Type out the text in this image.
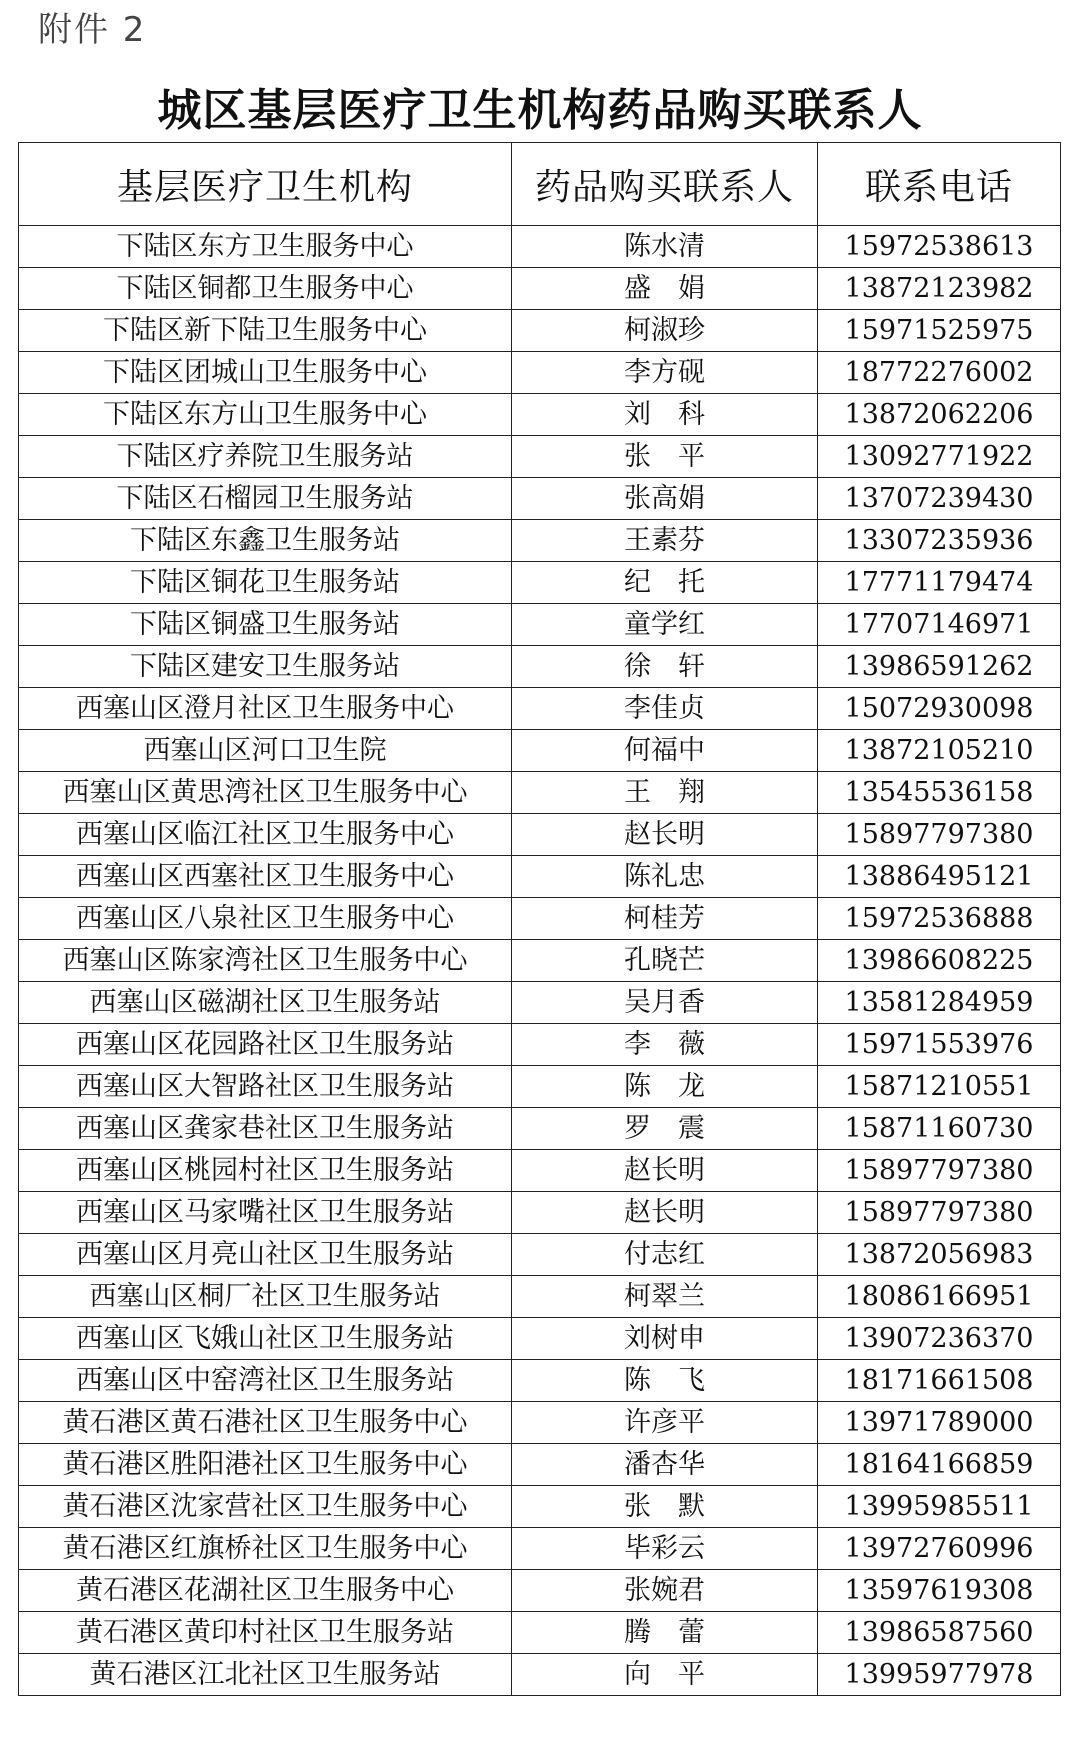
附件 2
城区基层医疗卫生机构药品购买联系人
基层医疗卫生机构	药品购买联系人	联系电话
下陆区东方卫生服务中心	陈水清	15972538613
下陆区铜都卫生服务中心	盛　娟	13872123982
下陆区新下陆卫生服务中心	柯淑珍	15971525975
下陆区团城山卫生服务中心	李方砚	18772276002
下陆区东方山卫生服务中心	刘　科	13872062206
下陆区疗养院卫生服务站	张　平	13092771922
下陆区石榴园卫生服务站	张高娟	13707239430
下陆区东鑫卫生服务站	王素芬	13307235936
下陆区铜花卫生服务站	纪　托	17771179474
下陆区铜盛卫生服务站	童学红	17707146971
下陆区建安卫生服务站	徐　轩	13986591262
西塞山区澄月社区卫生服务中心	李佳贞	15072930098
西塞山区河口卫生院	何福中	13872105210
西塞山区黄思湾社区卫生服务中心	王　翔	13545536158
西塞山区临江社区卫生服务中心	赵长明	15897797380
西塞山区西塞社区卫生服务中心	陈礼忠	13886495121
西塞山区八泉社区卫生服务中心	柯桂芳	15972536888
西塞山区陈家湾社区卫生服务中心	孔晓芒	13986608225
西塞山区磁湖社区卫生服务站	吴月香	13581284959
西塞山区花园路社区卫生服务站	李　薇	15971553976
西塞山区大智路社区卫生服务站	陈　龙	15871210551
西塞山区龚家巷社区卫生服务站	罗　震	15871160730
西塞山区桃园村社区卫生服务站	赵长明	15897797380
西塞山区马家嘴社区卫生服务站	赵长明	15897797380
西塞山区月亮山社区卫生服务站	付志红	13872056983
西塞山区桐厂社区卫生服务站	柯翠兰	18086166951
西塞山区飞娥山社区卫生服务站	刘树申	13907236370
西塞山区中窑湾社区卫生服务站	陈　飞	18171661508
黄石港区黄石港社区卫生服务中心	许彦平	13971789000
黄石港区胜阳港社区卫生服务中心	潘杏华	18164166859
黄石港区沈家营社区卫生服务中心	张　默	13995985511
黄石港区红旗桥社区卫生服务中心	毕彩云	13972760996
黄石港区花湖社区卫生服务中心	张婉君	13597619308
黄石港区黄印村社区卫生服务站	腾　蕾	13986587560
黄石港区江北社区卫生服务站	向　平	13995977978
